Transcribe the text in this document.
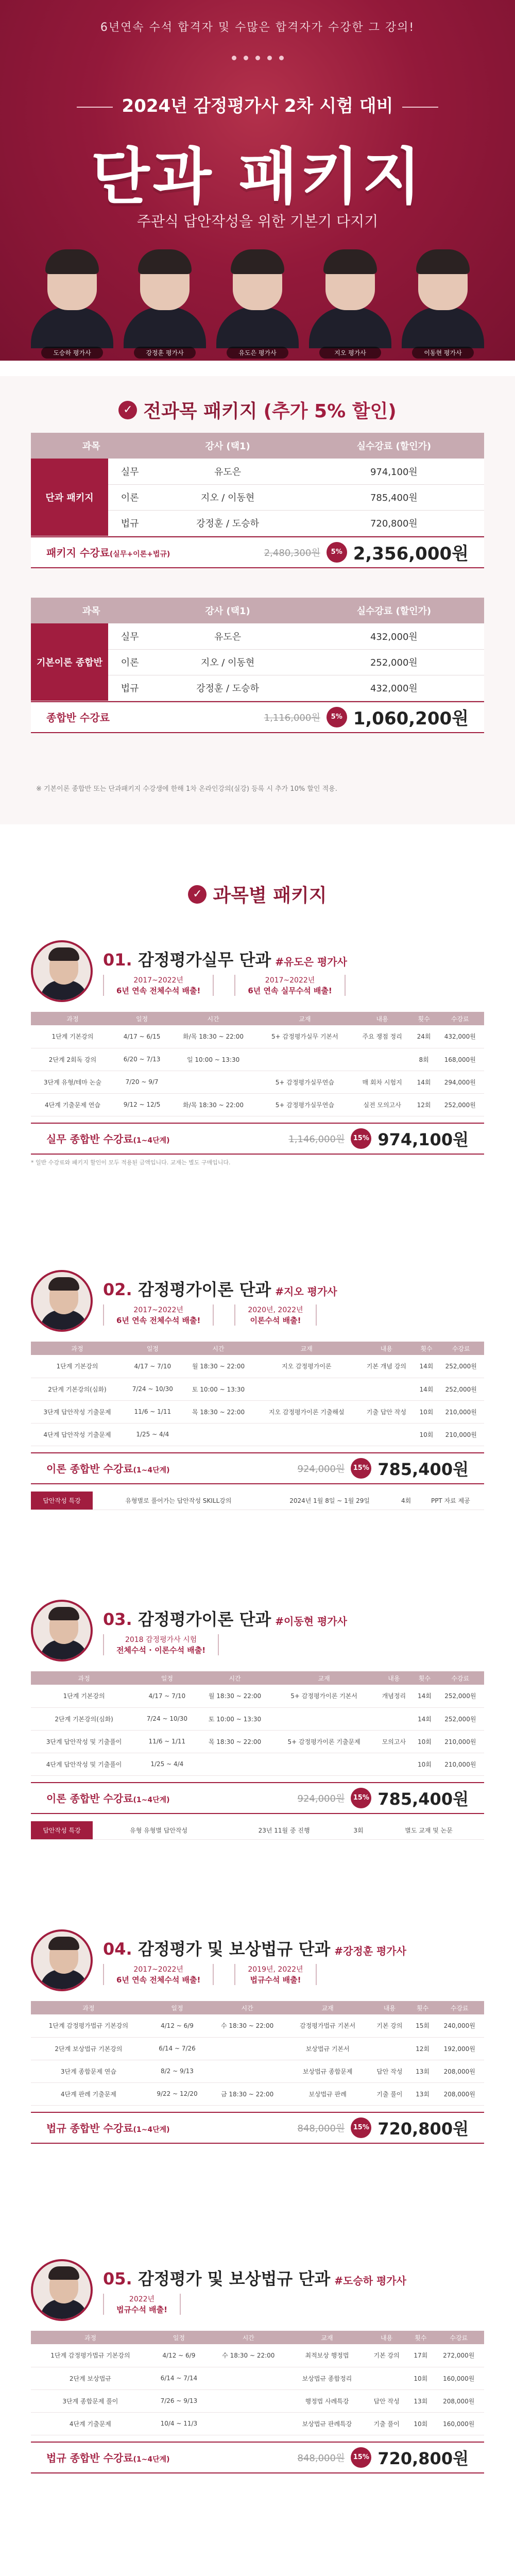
6년연속 수석 합격자 및 수많은 합격자가 수강한 그 강의!
2024년 감정평가사 2차 시험 대비
단과 패키지
주관식 답안작성을 위한 기본기 다지기
도승하 평가사	강정훈 평가사	유도은 평가사	지오 평가사	이동현 평가사
✓ 전과목 패키지 (추가 5% 할인)
과목		강사 (택1)	실수강료 (할인가)
단과 패키지	실무	유도은	974,100원
	이론	지오 / 이동현	785,400원
	법규	강정훈 / 도승하	720,800원
패키지 수강료(실무+이론+법규)	2,480,300원	5% 2,356,000원
과목		강사 (택1)	실수강료 (할인가)
기본이론 종합반	실무	유도은	432,000원
	이론	지오 / 이동현	252,000원
	법규	강정훈 / 도승하	432,000원
종합반 수강료	1,116,000원	5% 1,060,200원
※ 기본이론 종합반 또는 단과패키지 수강생에 한해 1차 온라인강의(실강) 등록 시 추가 10% 할인 적용.
✓ 과목별 패키지
01. 감정평가실무 단과 #유도은 평가사
2017~2022년
6년 연속 전체수석 배출!
2017~2022년
6년 연속 실무수석 배출!
과정	일정	시간	교재	내용	횟수	수강료
1단계 기본강의	4/17 ~ 6/15	화/목 18:30 ~ 22:00	5+ 감정평가실무 기본서	주요 쟁점 정리	24회	432,000원
2단계 2회독 강의	6/20 ~ 7/13	일 10:00 ~ 13:30			8회	168,000원
3단계 유형/테마 논술	7/20 ~ 9/7		5+ 감정평가실무연습	매 회차 시험지	14회	294,000원
4단계 기출문제 연습	9/12 ~ 12/5	화/목 18:30 ~ 22:00	5+ 감정평가실무연습	실전 모의고사	12회	252,000원
실무 종합반 수강료(1~4단계)	1,146,000원	15% 974,100원
* 일반 수강료와 패키지 할인이 모두 적용된 금액입니다. 교재는 별도 구매입니다.
02. 감정평가이론 단과 #지오 평가사
2017~2022년
6년 연속 전체수석 배출!
2020년, 2022년
이론수석 배출!
과정	일정	시간	교재	내용	횟수	수강료
1단계 기본강의	4/17 ~ 7/10	월 18:30 ~ 22:00	지오 감정평가이론	기본 개념 강의	14회	252,000원
2단계 기본강의(심화)	7/24 ~ 10/30	토 10:00 ~ 13:30			14회	252,000원
3단계 답안작성 기출문제	11/6 ~ 1/11	목 18:30 ~ 22:00	지오 감정평가이론 기출해설	기출 답안 작성	10회	210,000원
4단계 답안작성 기출문제	1/25 ~ 4/4				10회	210,000원
이론 종합반 수강료(1~4단계)	924,000원	15% 785,400원
답안작성 특강	유형별로 풀어가는 답안작성 SKILL강의	2024년 1월 8일 ~ 1월 29일	4회	PPT 자료 제공
03. 감정평가이론 단과 #이동현 평가사
2018 감정평가사 시험
전체수석 · 이론수석 배출!
과정	일정	시간	교재	내용	횟수	수강료
1단계 기본강의	4/17 ~ 7/10	월 18:30 ~ 22:00	5+ 감정평가이론 기본서	개념정리	14회	252,000원
2단계 기본강의(심화)	7/24 ~ 10/30	토 10:00 ~ 13:30			14회	252,000원
3단계 답안작성 및 기출풀이	11/6 ~ 1/11	목 18:30 ~ 22:00	5+ 감정평가이론 기출문제	모의고사	10회	210,000원
4단계 답안작성 및 기출풀이	1/25 ~ 4/4				10회	210,000원
이론 종합반 수강료(1~4단계)	924,000원	15% 785,400원
답안작성 특강	유형 유형별 답안작성	23년 11월 중 진행	3회	별도 교재 및 논문
04. 감정평가 및 보상법규 단과 #강정훈 평가사
2017~2022년
6년 연속 전체수석 배출!
2019년, 2022년
법규수석 배출!
과정	일정	시간	교재	내용	횟수	수강료
1단계 감정평가법규 기본강의	4/12 ~ 6/9	수 18:30 ~ 22:00	감정평가법규 기본서	기본 강의	15회	240,000원
2단계 보상법규 기본강의	6/14 ~ 7/26		보상법규 기본서		12회	192,000원
3단계 종합문제 연습	8/2 ~ 9/13		보상법규 종합문제	답안 작성	13회	208,000원
4단계 판례 기출문제	9/22 ~ 12/20	금 18:30 ~ 22:00	보상법규 판례	기출 풀이	13회	208,000원
법규 종합반 수강료(1~4단계)	848,000원	15% 720,800원
05. 감정평가 및 보상법규 단과 #도승하 평가사
2022년
법규수석 배출!
과정	일정	시간	교재	내용	횟수	수강료
1단계 감정평가법규 기본강의	4/12 ~ 6/9	수 18:30 ~ 22:00	최적보상 행정법	기본 강의	17회	272,000원
2단계 보상법규	6/14 ~ 7/14		보상법규 종합정리		10회	160,000원
3단계 종합문제 풀이	7/26 ~ 9/13		행정법 사례특강	답안 작성	13회	208,000원
4단계 기출문제	10/4 ~ 11/3		보상법규 판례특강	기출 풀이	10회	160,000원
법규 종합반 수강료(1~4단계)	848,000원	15% 720,800원
